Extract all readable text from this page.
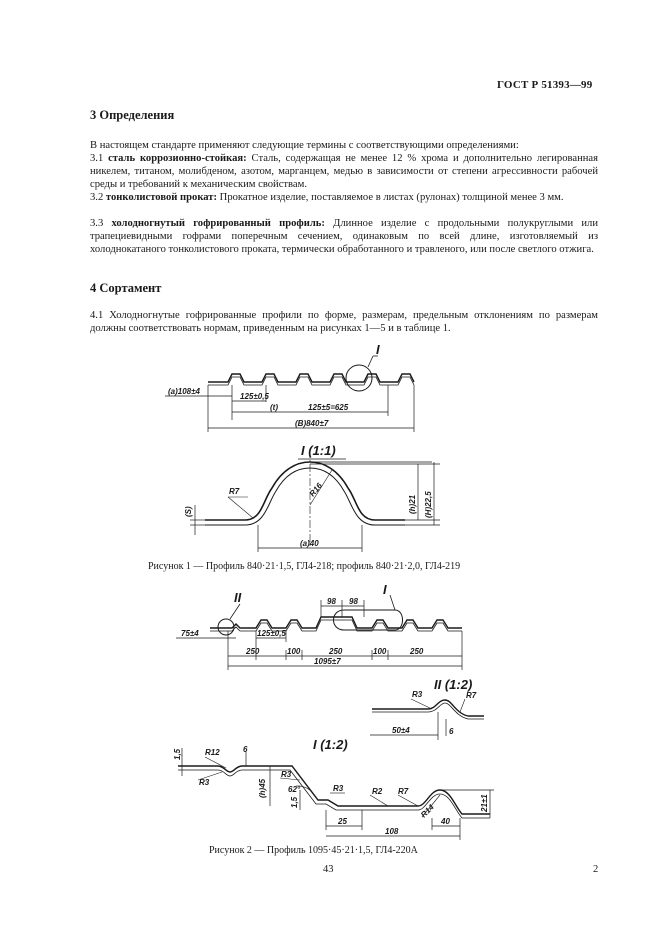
ГОСТ Р 51393—99
3 Определения
В настоящем стандарте применяют следующие термины с соответствующими определениями:
3.1 сталь коррозионно-стойкая: Сталь, содержащая не менее 12 % хрома и дополнительно легированная никелем, титаном, молибденом, азотом, марганцем, медью в зависимости от степени агрессивности рабочей среды и требований к механическим свойствам.
3.2 тонколистовой прокат: Прокатное изделие, поставляемое в листах (рулонах) толщиной менее 3 мм.
3.3 холодногнутый гофрированный профиль: Длинное изделие с продольными полукруглыми или трапециевидными гофрами поперечным сечением, одинаковым по всей длине, изготовляемый из холоднокатаного тонколистового проката, термически обработанного и травленого, или после светлого отжига.
4 Сортамент
4.1 Холодногнутые гофрированные профили по форме, размерам, предельным отклонениям по размерам должны соответствовать нормам, приведенным на рисунках 1—5 и в таблице 1.
(a)108±4
125±0,5
(t)	125±5=625
(B)840±7
I
I (1:1)
R7	R16
(S)
(a)40
(h)21 (H)22,5
II
I
98 98
75±4	125±0,5
250	100	250	100	250
1095±7
II (1:2)
R3	R7
50±4	6
I (1:2)
1,5	R12	6
R3	(h)45
R3
62°
1,5
R3	R2 R7
21±1
25
R14
40
108
Рисунок 1 — Профиль 840·21·1,5, ГЛ4-218; профиль 840·21·2,0, ГЛ4-219
Рисунок 2 — Профиль 1095·45·21·1,5, ГЛ4-220А
43	2
